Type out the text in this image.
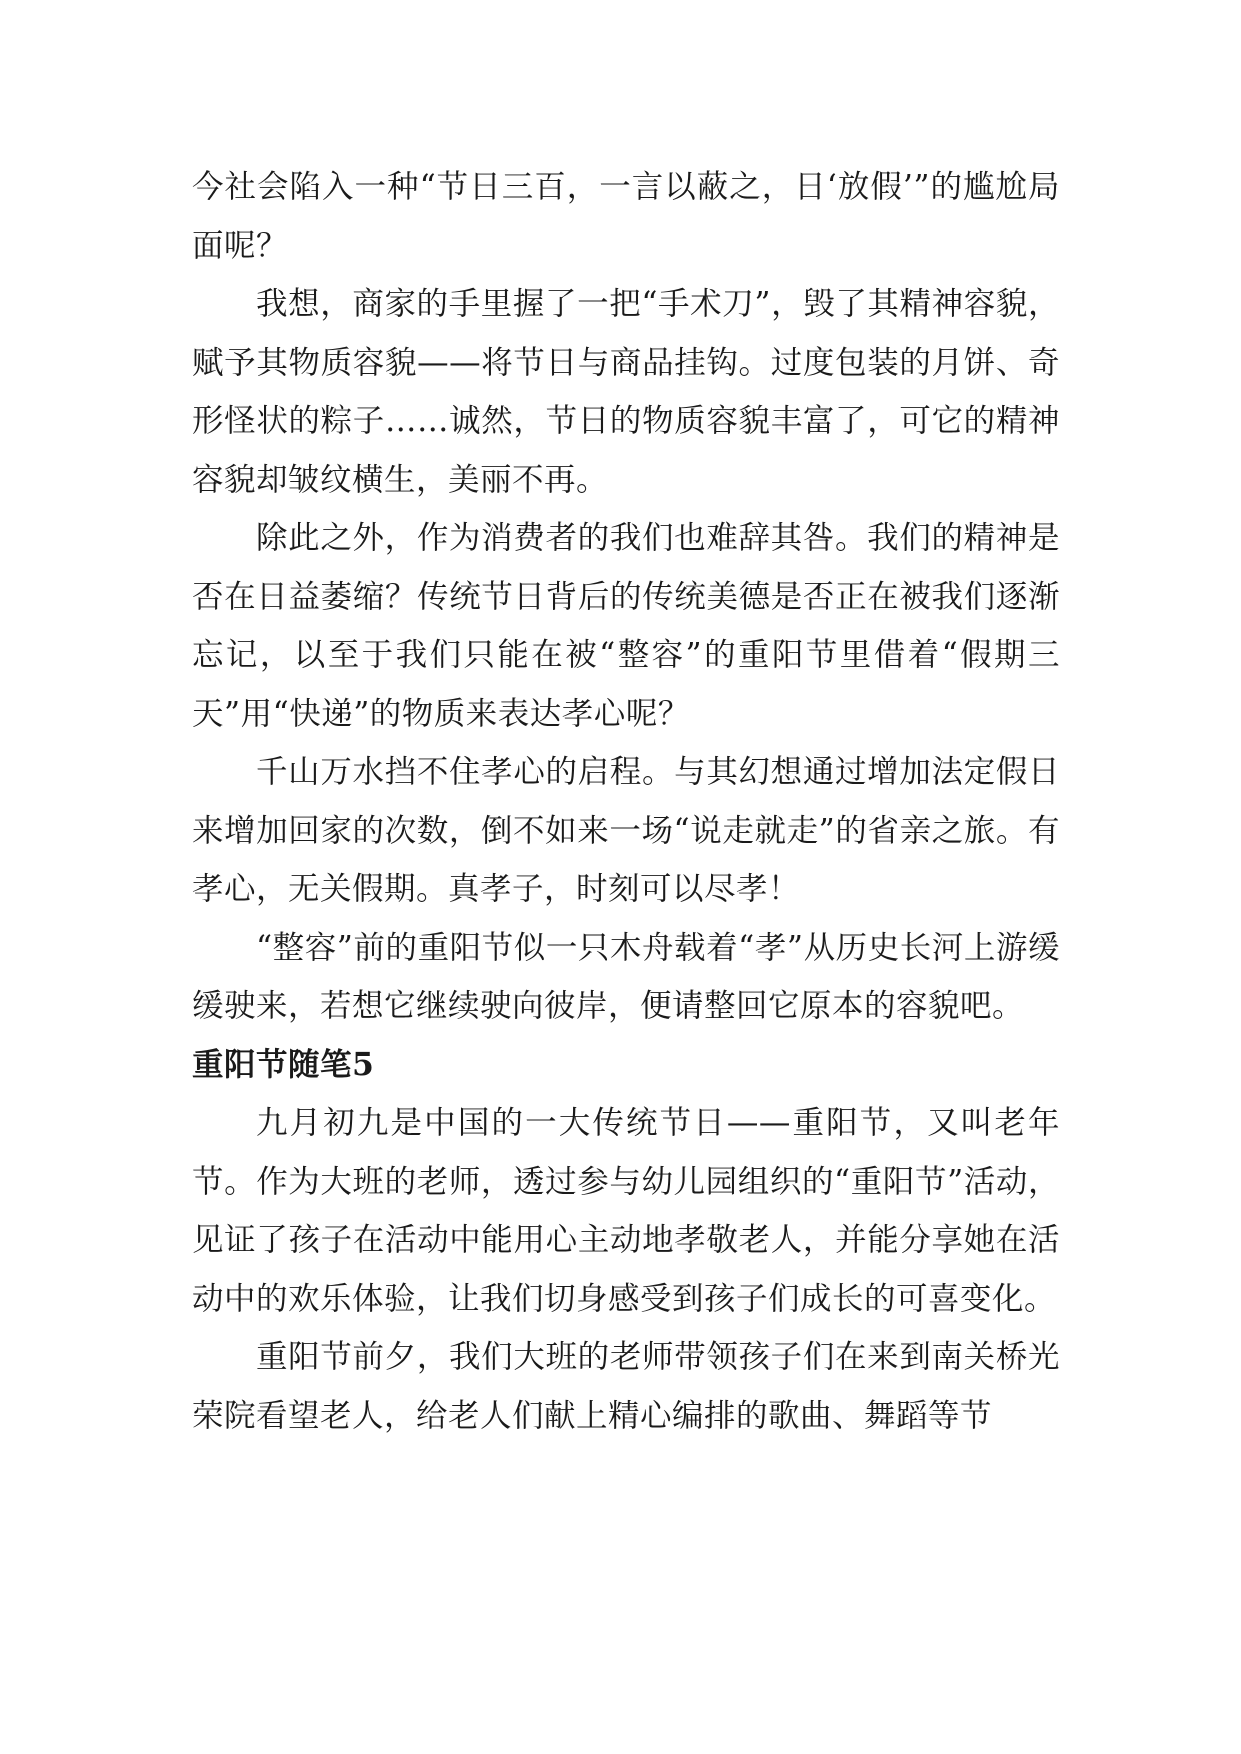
今社会陷入一种“节日三百，一言以蔽之，日‘放假’”的尴尬局面呢？

我想，商家的手里握了一把“手术刀”，毁了其精神容貌，赋予其物质容貌——将节日与商品挂钩。过度包装的月饼、奇形怪状的粽子……诚然，节日的物质容貌丰富了，可它的精神容貌却皱纹横生，美丽不再。

除此之外，作为消费者的我们也难辞其咎。我们的精神是否在日益萎缩？传统节日背后的传统美德是否正在被我们逐渐忘记，以至于我们只能在被“整容”的重阳节里借着“假期三天”用“快递”的物质来表达孝心呢？

千山万水挡不住孝心的启程。与其幻想通过增加法定假日来增加回家的次数，倒不如来一场“说走就走”的省亲之旅。有孝心，无关假期。真孝子，时刻可以尽孝！

“整容”前的重阳节似一只木舟载着“孝”从历史长河上游缓缓驶来，若想它继续驶向彼岸，便请整回它原本的容貌吧。

重阳节随笔5

九月初九是中国的一大传统节日——重阳节，又叫老年节。作为大班的老师，透过参与幼儿园组织的“重阳节”活动，见证了孩子在活动中能用心主动地孝敬老人，并能分享她在活动中的欢乐体验，让我们切身感受到孩子们成长的可喜变化。

重阳节前夕，我们大班的老师带领孩子们在来到南关桥光荣院看望老人，给老人们献上精心编排的歌曲、舞蹈等节
